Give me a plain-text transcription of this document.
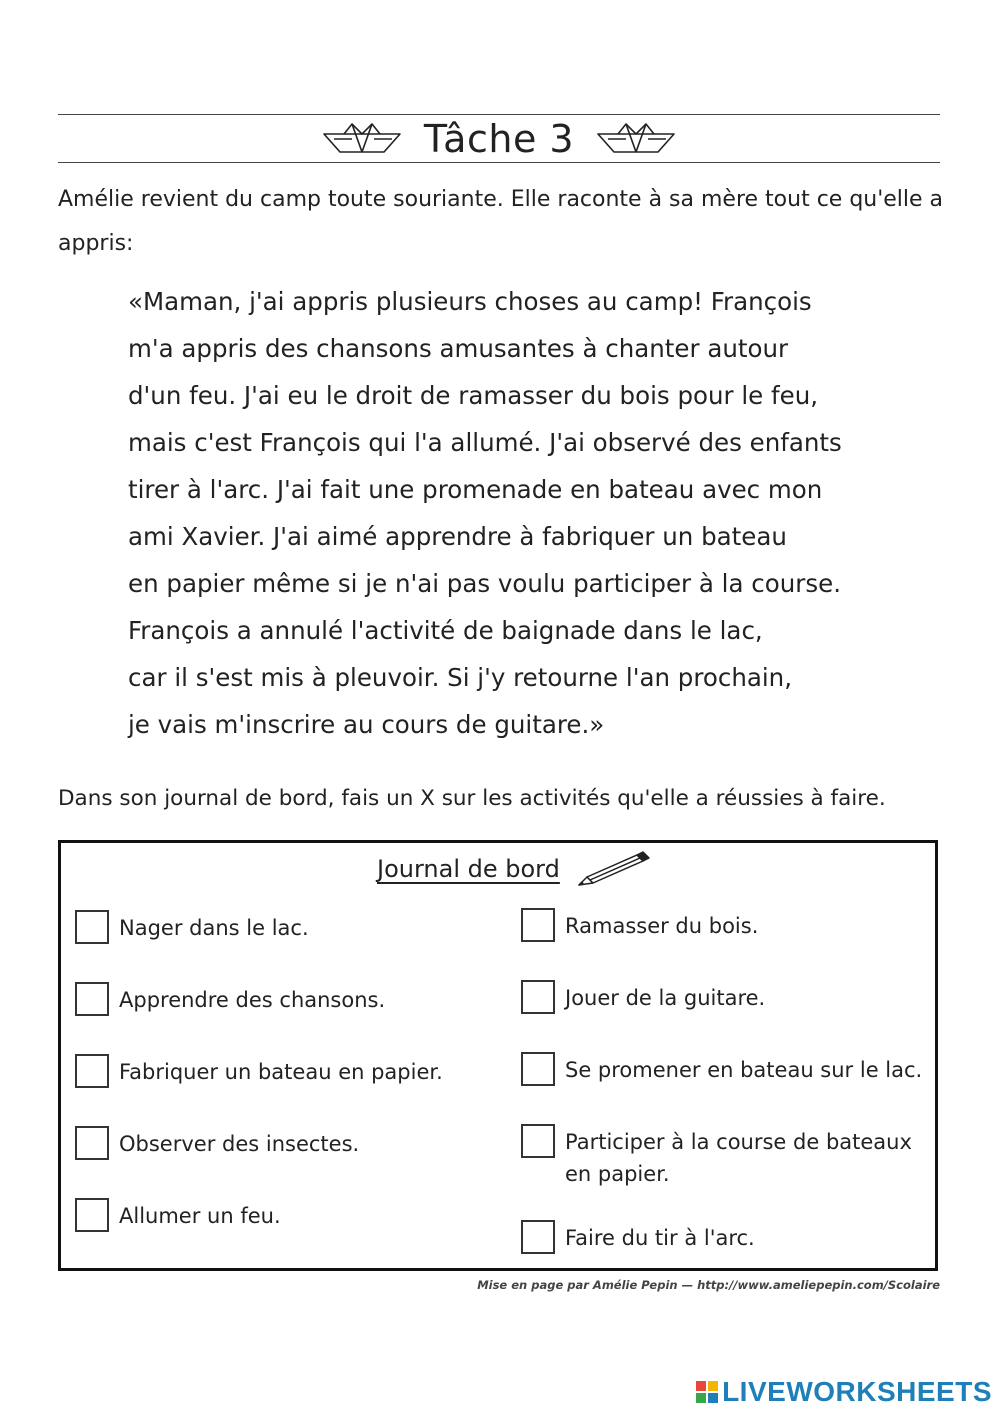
Tâche 3

Amélie revient du camp toute souriante. Elle raconte à sa mère tout ce qu'elle a appris:

«Maman, j'ai appris plusieurs choses au camp! François
m'a appris des chansons amusantes à chanter autour
d'un feu. J'ai eu le droit de ramasser du bois pour le feu,
mais c'est François qui l'a allumé. J'ai observé des enfants
tirer à l'arc. J'ai fait une promenade en bateau avec mon
ami Xavier. J'ai aimé apprendre à fabriquer un bateau
en papier même si je n'ai pas voulu participer à la course.
François a annulé l'activité de baignade dans le lac,
car il s'est mis à pleuvoir. Si j'y retourne l'an prochain,
je vais m'inscrire au cours de guitare.»

Dans son journal de bord, fais un X sur les activités qu'elle a réussies à faire.

Journal de bord
Nager dans le lac.
Apprendre des chansons.
Fabriquer un bateau en papier.
Observer des insectes.
Allumer un feu.
Ramasser du bois.
Jouer de la guitare.
Se promener en bateau sur le lac.
Participer à la course de bateaux en papier.
Faire du tir à l'arc.
Mise en page par Amélie Pepin — http://www.ameliepepin.com/Scolaire
LIVEWORKSHEETS
